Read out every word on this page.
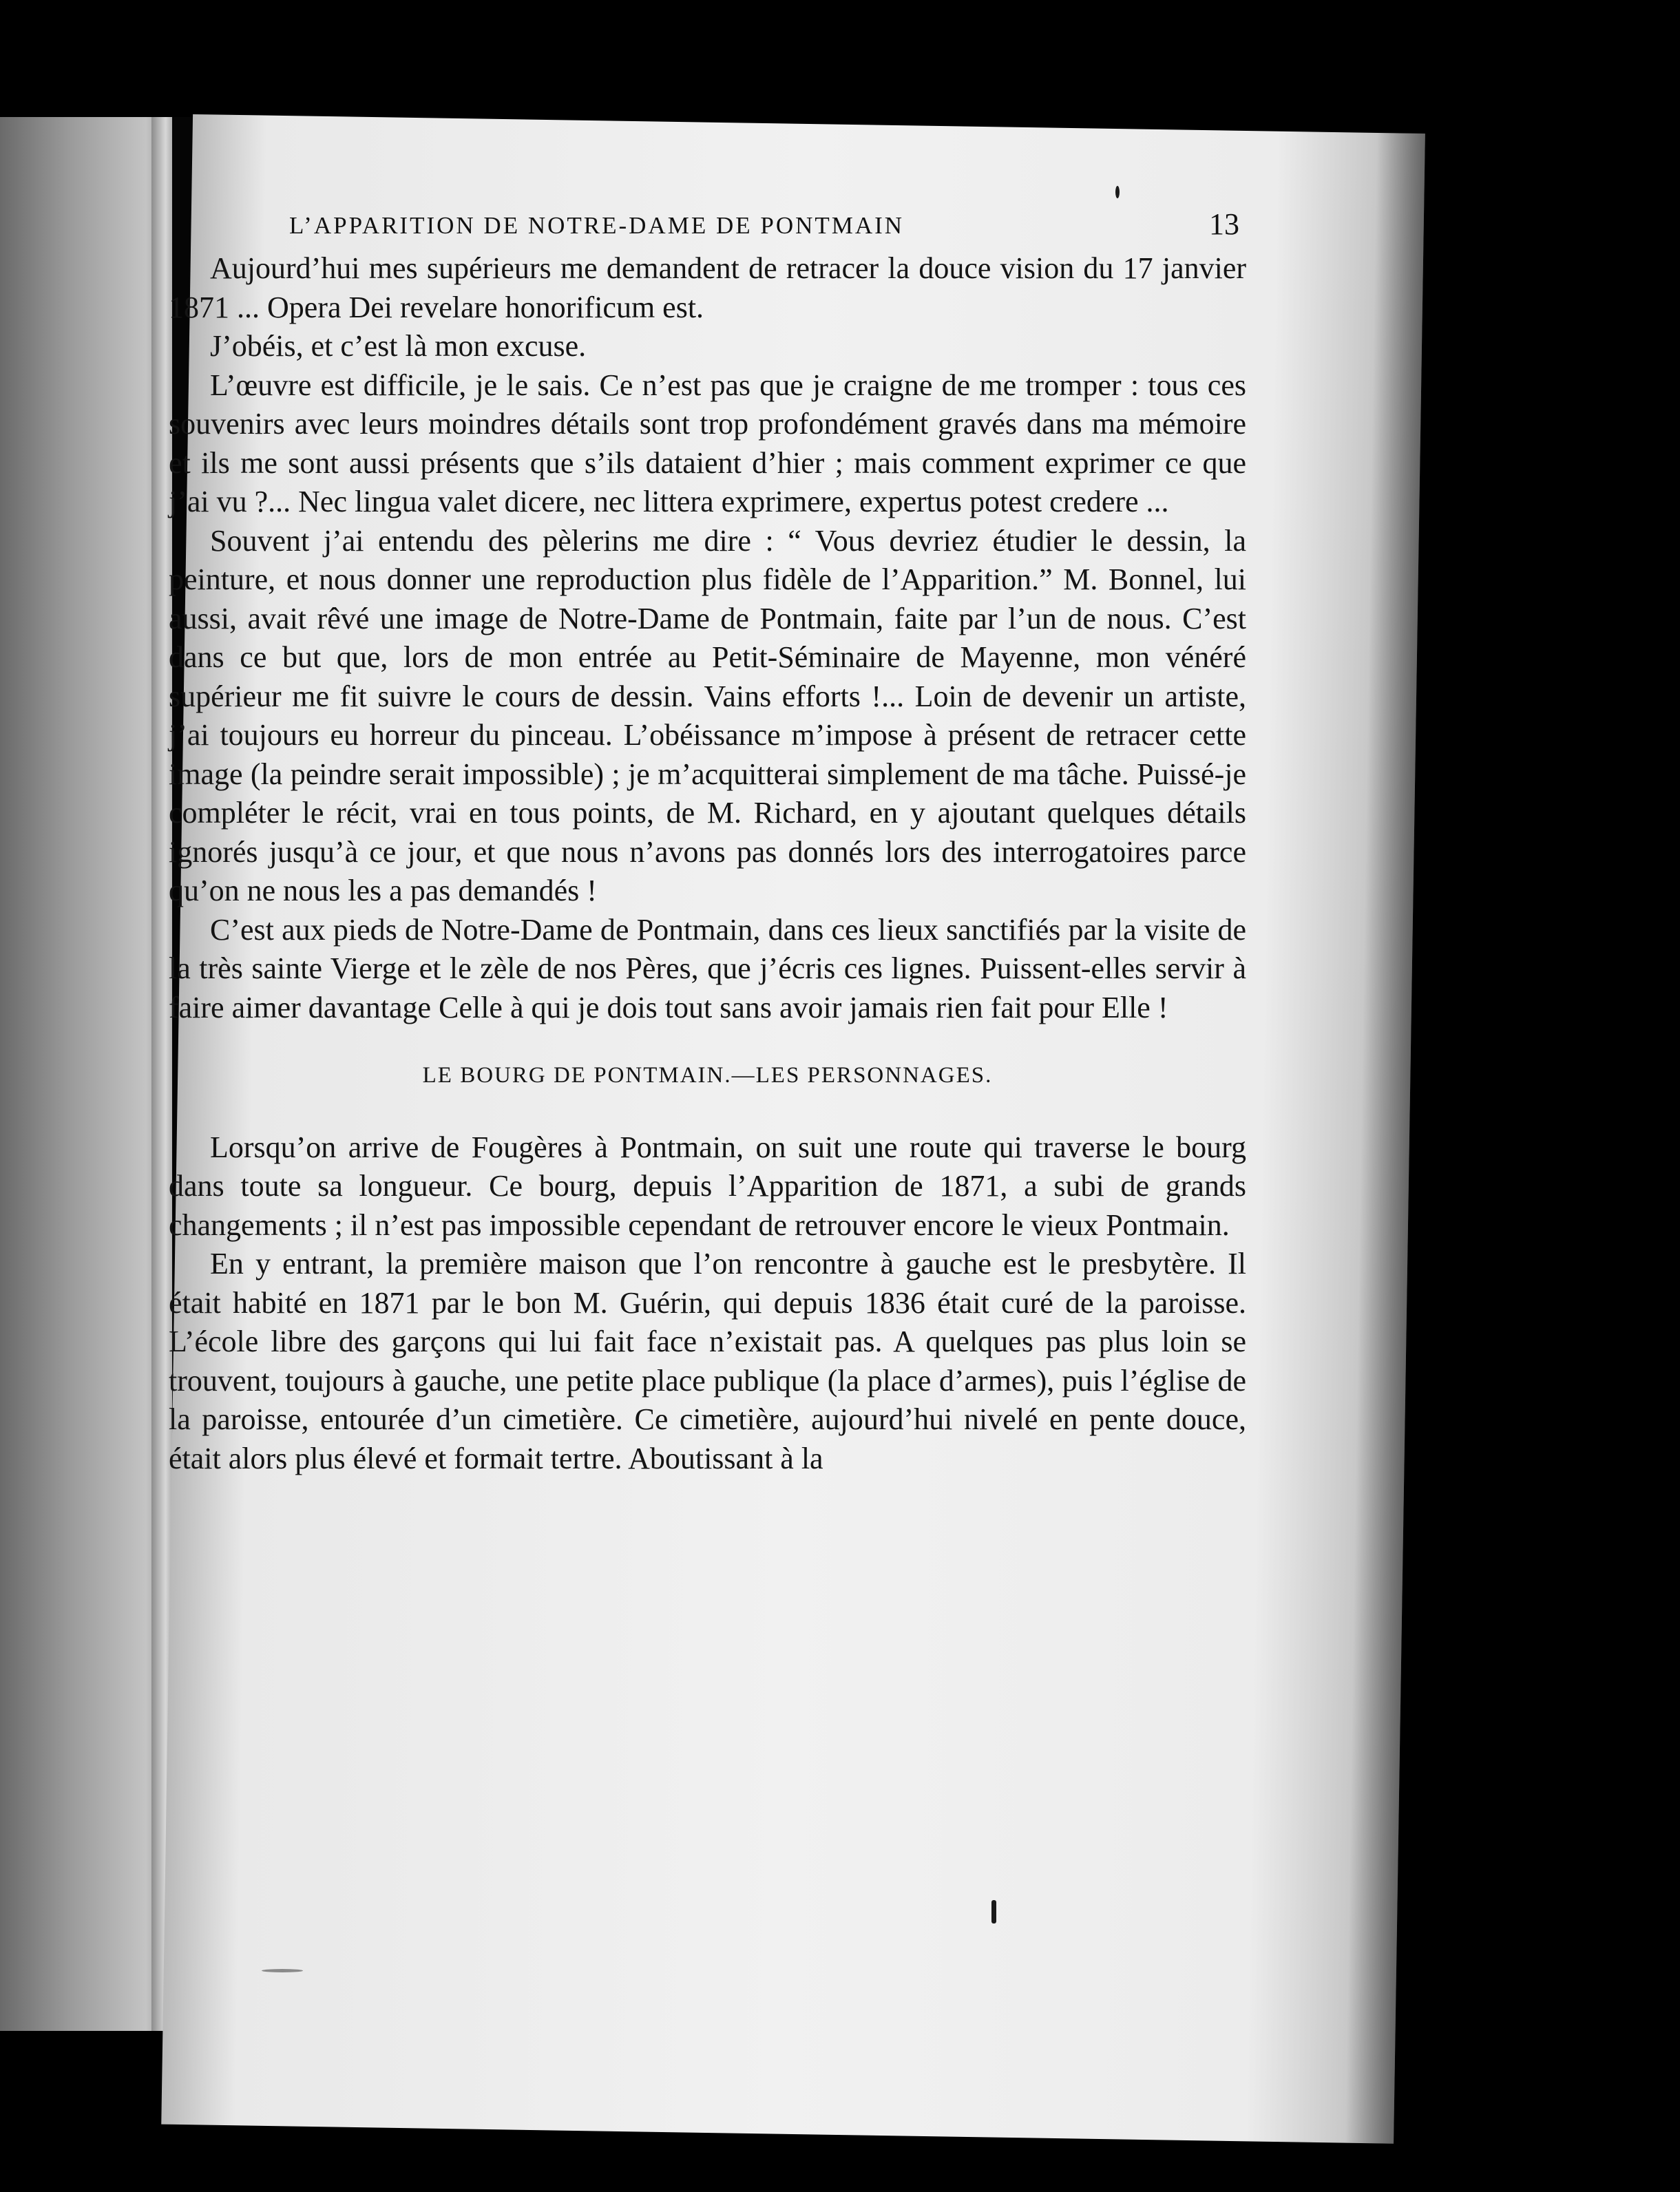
L’APPARITION DE NOTRE-DAME DE PONTMAIN	13

Aujourd’hui mes supérieurs me demandent de retracer la douce vision du 17 janvier 1871 ... Opera Dei revelare honorificum est.

J’obéis, et c’est là mon excuse.

L’œuvre est difficile, je le sais. Ce n’est pas que je craigne de me tromper : tous ces souvenirs avec leurs moindres détails sont trop profondément gravés dans ma mémoire et ils me sont aussi présents que s’ils dataient d’hier ; mais comment exprimer ce que j’ai vu ?... Nec lingua valet dicere, nec littera exprimere, expertus potest credere ...

Souvent j’ai entendu des pèlerins me dire : “ Vous devriez étudier le dessin, la peinture, et nous donner une reproduction plus fidèle de l’Apparition.” M. Bonnel, lui aussi, avait rêvé une image de Notre-Dame de Pontmain, faite par l’un de nous. C’est dans ce but que, lors de mon entrée au Petit-Séminaire de Mayenne, mon vénéré supérieur me fit suivre le cours de dessin. Vains efforts !... Loin de devenir un artiste, j’ai toujours eu horreur du pinceau. L’obéissance m’impose à présent de retracer cette image (la peindre serait impossible) ; je m’acquitterai simplement de ma tâche. Puissé-je compléter le récit, vrai en tous points, de M. Richard, en y ajoutant quelques détails ignorés jusqu’à ce jour, et que nous n’avons pas donnés lors des interrogatoires parce qu’on ne nous les a pas demandés !

C’est aux pieds de Notre-Dame de Pontmain, dans ces lieux sanctifiés par la visite de la très sainte Vierge et le zèle de nos Pères, que j’écris ces lignes. Puissent-elles servir à faire aimer davantage Celle à qui je dois tout sans avoir jamais rien fait pour Elle !

LE BOURG DE PONTMAIN.—LES PERSONNAGES.

Lorsqu’on arrive de Fougères à Pontmain, on suit une route qui traverse le bourg dans toute sa longueur. Ce bourg, depuis l’Apparition de 1871, a subi de grands changements ; il n’est pas impossible cependant de retrouver encore le vieux Pontmain.

En y entrant, la première maison que l’on rencontre à gauche est le presbytère. Il était habité en 1871 par le bon M. Guérin, qui depuis 1836 était curé de la paroisse. L’école libre des garçons qui lui fait face n’existait pas. A quelques pas plus loin se trouvent, toujours à gauche, une petite place publique (la place d’armes), puis l’église de la paroisse, entourée d’un cimetière. Ce cimetière, aujourd’hui nivelé en pente douce, était alors plus élevé et formait tertre. Aboutissant à la
